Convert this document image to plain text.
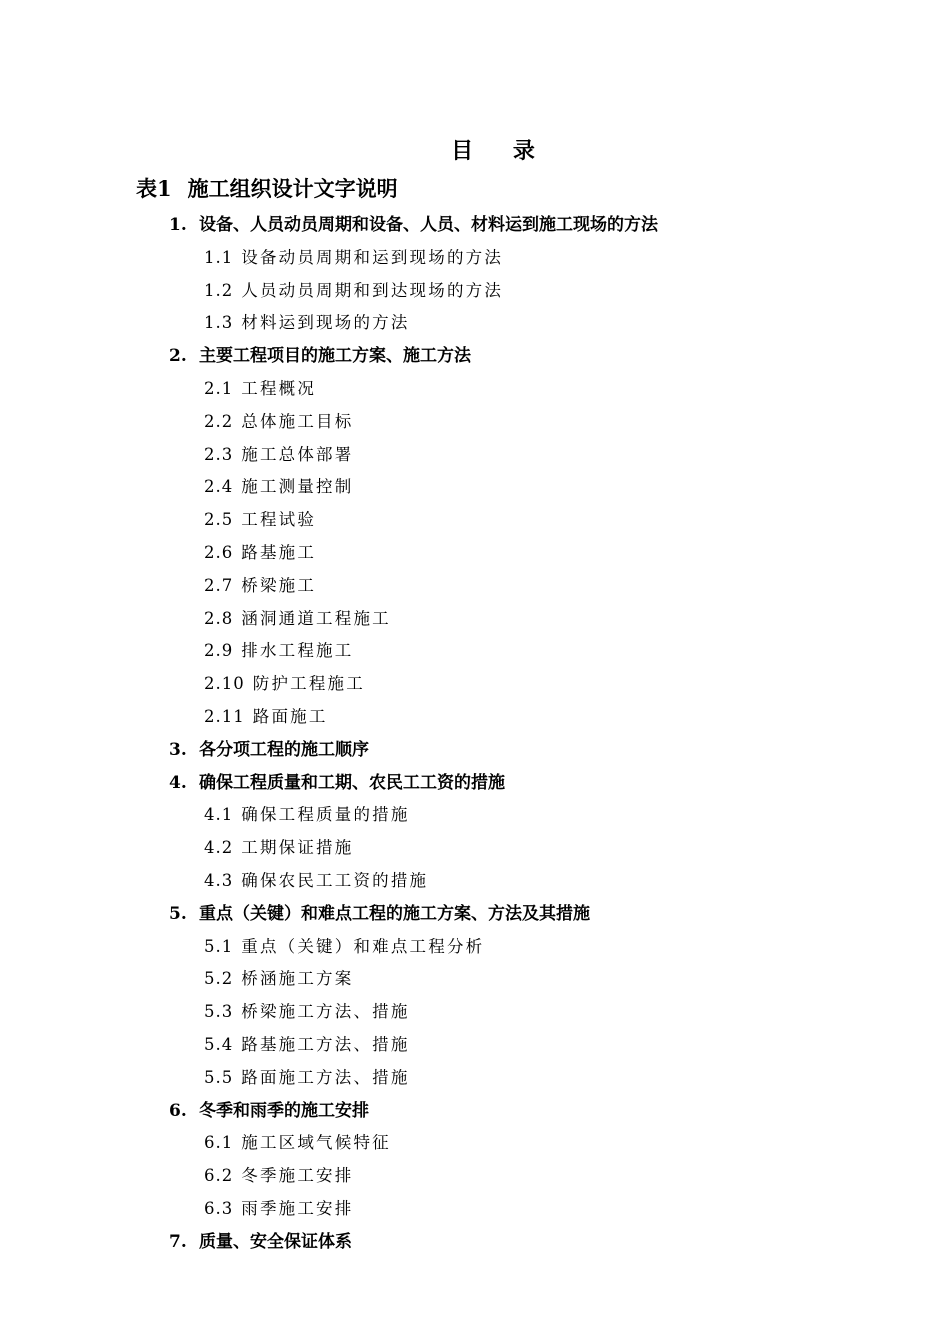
目 录
表1 施工组织设计文字说明
1. 设备、人员动员周期和设备、人员、材料运到施工现场的方法
1.1 设备动员周期和运到现场的方法
1.2 人员动员周期和到达现场的方法
1.3 材料运到现场的方法
2. 主要工程项目的施工方案、施工方法
2.1 工程概况
2.2 总体施工目标
2.3 施工总体部署
2.4 施工测量控制
2.5 工程试验
2.6 路基施工
2.7 桥梁施工
2.8 涵洞通道工程施工
2.9 排水工程施工
2.10 防护工程施工
2.11 路面施工
3. 各分项工程的施工顺序
4. 确保工程质量和工期、农民工工资的措施
4.1 确保工程质量的措施
4.2 工期保证措施
4.3 确保农民工工资的措施
5. 重点（关键）和难点工程的施工方案、方法及其措施
5.1 重点（关键）和难点工程分析
5.2 桥涵施工方案
5.3 桥梁施工方法、措施
5.4 路基施工方法、措施
5.5 路面施工方法、措施
6. 冬季和雨季的施工安排
6.1 施工区域气候特征
6.2 冬季施工安排
6.3 雨季施工安排
7. 质量、安全保证体系
